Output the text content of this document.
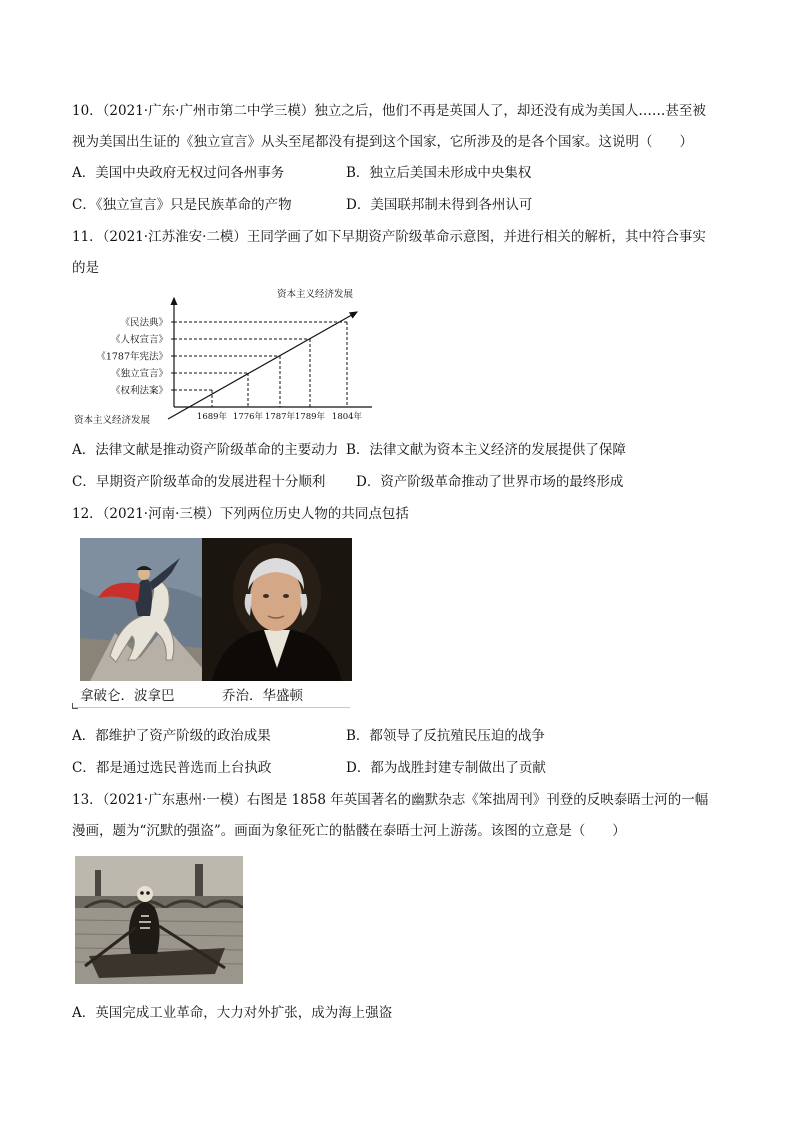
10．（2021·广东·广州市第二中学三模）独立之后，他们不再是英国人了，却还没有成为美国人……甚至被
视为美国出生证的《独立宣言》从头至尾都没有提到这个国家，它所涉及的是各个国家。这说明（　　）
A．美国中央政府无权过问各州事务	B．独立后美国未形成中央集权
C．《独立宣言》只是民族革命的产物	D．美国联邦制未得到各州认可
11．（2021·江苏淮安·二模）王同学画了如下早期资产阶级革命示意图，并进行相关的解析，其中符合事实
的是
《权利法案》
1689年
《独立宣言》
1776年
《1787年宪法》
1787年
《人权宣言》
1789年
《民法典》
1804年
资本主义经济发展
资本主义经济发展
A．法律文献是推动资产阶级革命的主要动力 B．法律文献为资本主义经济的发展提供了保障
C．早期资产阶级革命的发展进程十分顺利 D．资产阶级革命推动了世界市场的最终形成
12．（2021·河南·三模）下列两位历史人物的共同点包括
拿破仑．波拿巴	乔治．华盛顿
A．都维护了资产阶级的政治成果	B．都领导了反抗殖民压迫的战争
C．都是通过选民普选而上台执政	D．都为战胜封建专制做出了贡献
13．（2021·广东惠州·一模）右图是 1858 年英国著名的幽默杂志《笨拙周刊》刊登的反映泰晤士河的一幅
漫画，题为“沉默的强盗”。画面为象征死亡的骷髅在泰晤士河上游荡。该图的立意是（　　）
A．英国完成工业革命，大力对外扩张，成为海上强盗
